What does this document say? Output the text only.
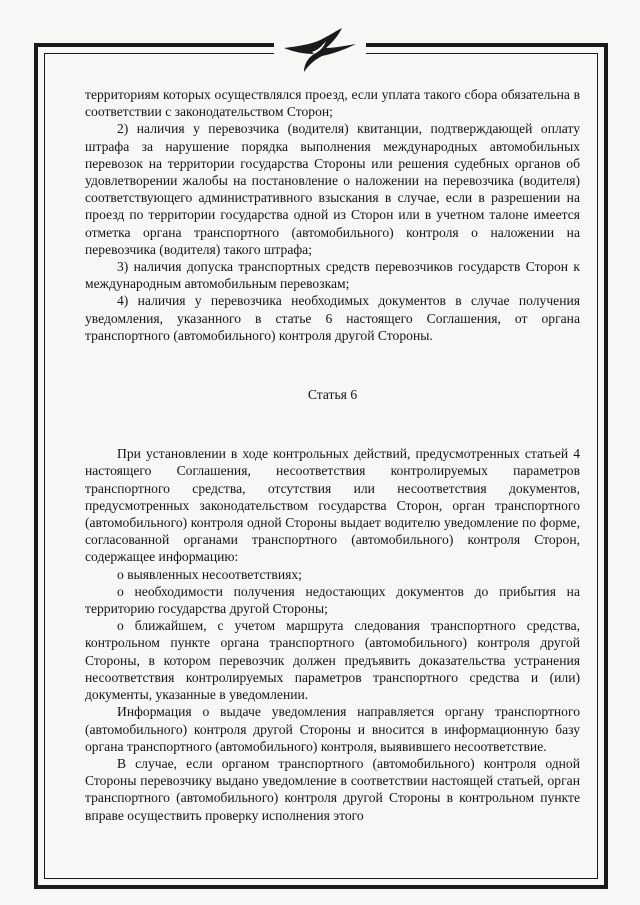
территориям которых осуществлялся проезд, если уплата такого сбора обязательна в соответствии с законодательством Сторон;

2) наличия у перевозчика (водителя) квитанции, подтверждающей оплату штрафа за нарушение порядка выполнения международных автомобильных перевозок на территории государства Стороны или решения судебных органов об удовлетворении жалобы на постановление о наложении на перевозчика (водителя) соответствующего административного взыскания в случае, если в разрешении на проезд по территории государства одной из Сторон или в учетном талоне имеется отметка органа транспортного (автомобильного) контроля о наложении на перевозчика (водителя) такого штрафа;

3) наличия допуска транспортных средств перевозчиков государств Сторон к международным автомобильным перевозкам;

4) наличия у перевозчика необходимых документов в случае получения уведомления, указанного в статье 6 настоящего Соглашения, от органа транспортного (автомобильного) контроля другой Стороны.

Статья 6

При установлении в ходе контрольных действий, предусмотренных статьей 4 настоящего Соглашения, несоответствия контролируемых параметров транспортного средства, отсутствия или несоответствия документов, предусмотренных законодательством государства Сторон, орган транспортного (автомобильного) контроля одной Стороны выдает водителю уведомление по форме, согласованной органами транспортного (автомобильного) контроля Сторон, содержащее информацию:

о выявленных несоответствиях;

о необходимости получения недостающих документов до прибытия на территорию государства другой Стороны;

о ближайшем, с учетом маршрута следования транспортного средства, контрольном пункте органа транспортного (автомобильного) контроля другой Стороны, в котором перевозчик должен предъявить доказательства устранения несоответствия контролируемых параметров транспортного средства и (или) документы, указанные в уведомлении.

Информация о выдаче уведомления направляется органу транспортного (автомобильного) контроля другой Стороны и вносится в информационную базу органа транспортного (автомобильного) контроля, выявившего несоответствие.

В случае, если органом транспортного (автомобильного) контроля одной Стороны перевозчику выдано уведомление в соответствии настоящей статьей, орган транспортного (автомобильного) контроля другой Стороны в контрольном пункте вправе осуществить проверку исполнения этого
